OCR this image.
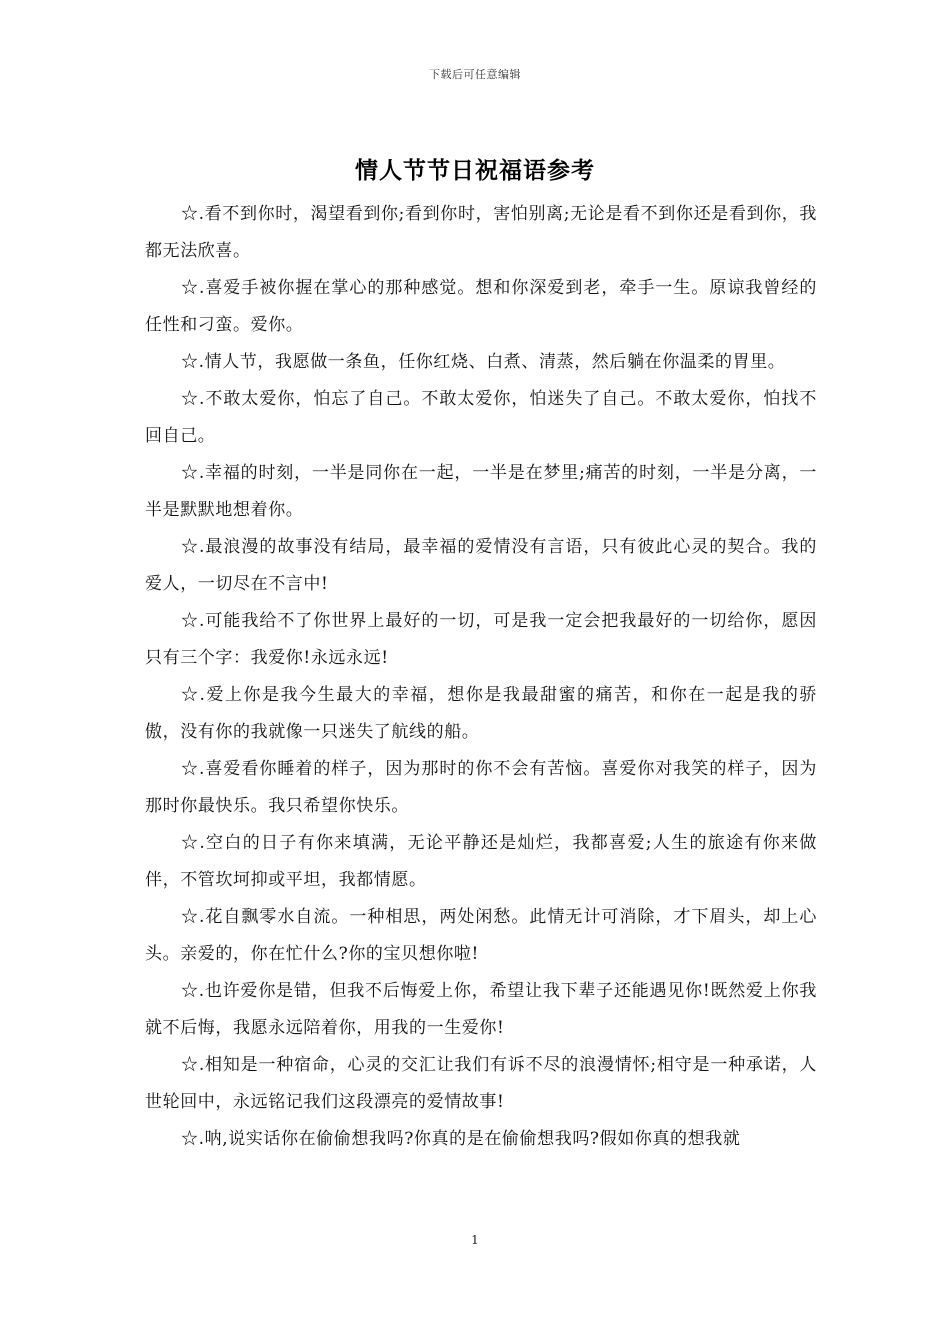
下载后可任意编辑
情人节节日祝福语参考

☆.看不到你时，渴望看到你;看到你时，害怕别离;无论是看不到你还是看到你，我都无法欣喜。

☆.喜爱手被你握在掌心的那种感觉。想和你深爱到老，牵手一生。原谅我曾经的任性和刁蛮。爱你。

☆.情人节，我愿做一条鱼，任你红烧、白煮、清蒸，然后躺在你温柔的胃里。

☆.不敢太爱你，怕忘了自己。不敢太爱你，怕迷失了自己。不敢太爱你，怕找不回自己。

☆.幸福的时刻，一半是同你在一起，一半是在梦里;痛苦的时刻，一半是分离，一半是默默地想着你。

☆.最浪漫的故事没有结局，最幸福的爱情没有言语，只有彼此心灵的契合。我的爱人，一切尽在不言中!

☆.可能我给不了你世界上最好的一切，可是我一定会把我最好的一切给你，愿因只有三个字：我爱你!永远永远!

☆.爱上你是我今生最大的幸福，想你是我最甜蜜的痛苦，和你在一起是我的骄傲，没有你的我就像一只迷失了航线的船。

☆.喜爱看你睡着的样子，因为那时的你不会有苦恼。喜爱你对我笑的样子，因为那时你最快乐。我只希望你快乐。

☆.空白的日子有你来填满，无论平静还是灿烂，我都喜爱;人生的旅途有你来做伴，不管坎坷抑或平坦，我都情愿。

☆.花自飘零水自流。一种相思，两处闲愁。此情无计可消除，才下眉头，却上心头。亲爱的，你在忙什么?你的宝贝想你啦!

☆.也许爱你是错，但我不后悔爱上你，希望让我下辈子还能遇见你!既然爱上你我就不后悔，我愿永远陪着你，用我的一生爱你!

☆.相知是一种宿命，心灵的交汇让我们有诉不尽的浪漫情怀;相守是一种承诺，人世轮回中，永远铭记我们这段漂亮的爱情故事!

☆.呐,说实话你在偷偷想我吗?你真的是在偷偷想我吗?假如你真的想我就

1
